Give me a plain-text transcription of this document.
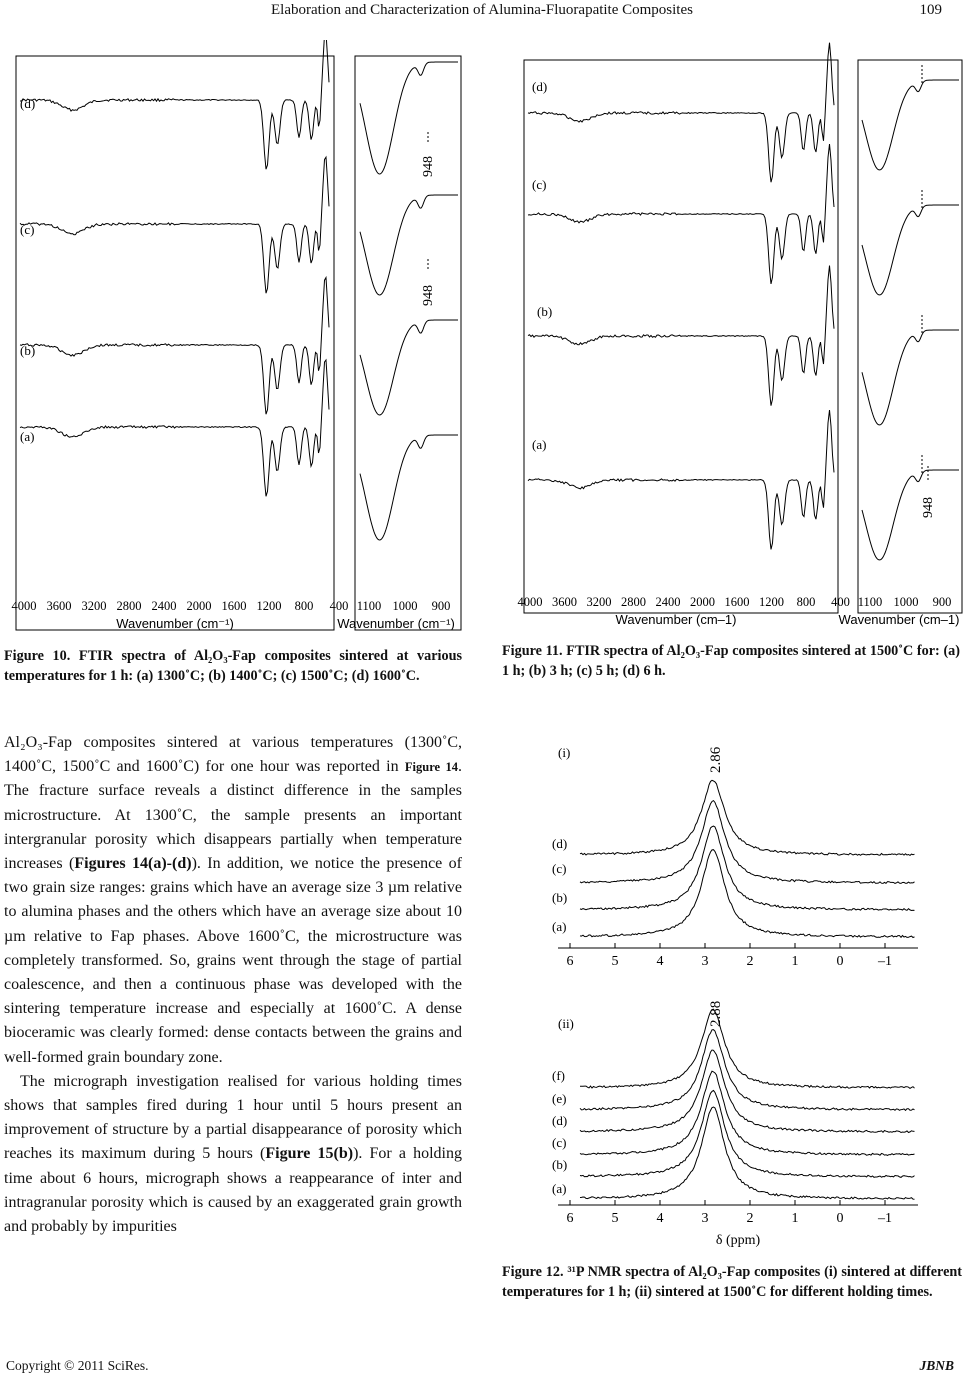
Elaboration and Characterization of Alumina-Fluorapatite Composites	109
(d)
(c)
(b)
(a)
4000 3600 3200 2800 2400 2000 1600 1200 800 400 1100 1000 900
Wavenumber (cm⁻¹)	Wavenumber (cm⁻¹)
948
948
Figure 10. FTIR spectra of Al₂O₃-Fap composites sintered at various temperatures for 1 h: (a) 1300˚C; (b) 1400˚C; (c) 1500˚C; (d) 1600˚C.
(d)
(c)
(b)
(a)
4000 3600 3200 2800 2400 2000 1600 1200 800 400 1100 1000 900
Wavenumber (cm–1)	Wavenumber (cm–1)
948
Figure 11. FTIR spectra of Al₂O₃-Fap composites sintered at 1500˚C for: (a) 1 h; (b) 3 h; (c) 5 h; (d) 6 h.
(i)
(ii)
2.86
2.88
(d)
(c)
(b)
(a)
(f)
(e)
(d)
(c)
(b)
(a)
6	5	4	3	2	1	0 –1
6	5	4	3	2	1	0 –1
δ (ppm)
Figure 12. ³¹P NMR spectra of Al₂O₃-Fap composites (i) sintered at different temperatures for 1 h; (ii) sintered at 1500˚C for different holding times.

Al₂O₃-Fap composites sintered at various temperatures (1300˚C, 1400˚C, 1500˚C and 1600˚C) for one hour was reported in Figure 14. The fracture surface reveals a distinct difference in the samples microstructure. At 1300˚C, the sample presents an important intergranular porosity which disappears partially when temperature increases (Figures 14(a)-(d)). In addition, we notice the presence of two grain size ranges: grains which have an average size 3 µm relative to alumina phases and the others which have an average size about 10 µm relative to Fap phases. Above 1600˚C, the microstructure was completely transformed. So, grains went through the stage of partial coalescence, and then a continuous phase was developed with the sintering temperature increase and especially at 1600˚C. A dense bioceramic was clearly formed: dense contacts between the grains and well-formed grain boundary zone.

The micrograph investigation realised for various holding times shows that samples fired during 1 hour until 5 hours present an improvement of structure by a partial disappearance of porosity which reaches its maximum during 5 hours (Figure 15(b)). For a holding time about 6 hours, micrograph shows a reappearance of inter and intragranular porosity which is caused by an exaggerated grain growth and probably by impurities

Copyright © 2011 SciRes.	JBNB
